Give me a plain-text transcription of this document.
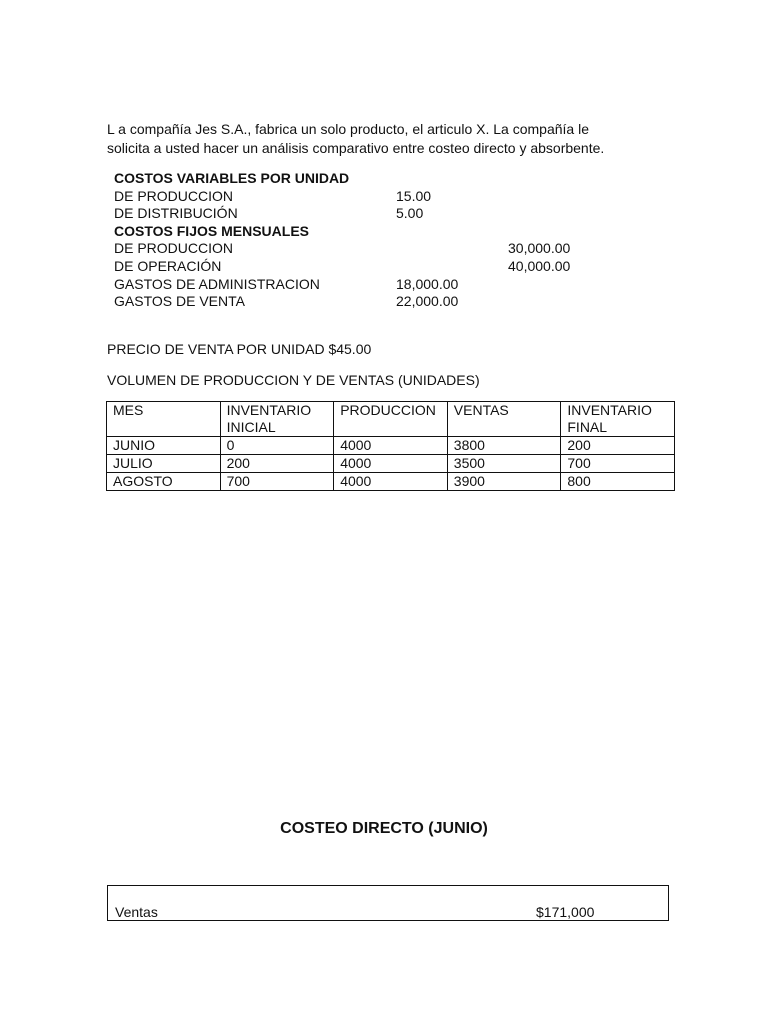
L a compañía Jes S.A., fabrica un solo producto, el articulo X. La compañía le

solicita a usted hacer un análisis comparativo entre costeo directo y absorbente.

COSTOS VARIABLES POR UNIDAD
DE PRODUCCION	15.00
DE DISTRIBUCIÓN	5.00
COSTOS FIJOS MENSUALES
DE PRODUCCION	30,000.00
DE OPERACIÓN	40,000.00
GASTOS DE ADMINISTRACION	18,000.00
GASTOS DE VENTA	22,000.00
PRECIO DE VENTA POR UNIDAD $45.00
VOLUMEN DE PRODUCCION Y DE VENTAS (UNIDADES)
MES	INVENTARIO INICIAL	PRODUCCION	VENTAS	INVENTARIO FINAL
JUNIO	0	4000	3800	200
JULIO	200	4000	3500	700
AGOSTO	700	4000	3900	800
COSTEO DIRECTO (JUNIO)
Ventas	$171,000
